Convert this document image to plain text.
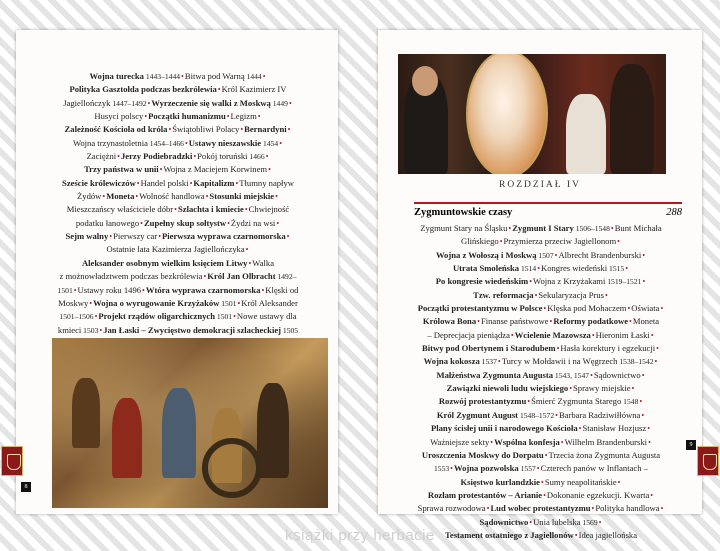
Wojna turecka 1443–1444•Bitwa pod Warną 1444•
Polityka Gasztołda podczas bezkrólewia•Król Kazimierz IV
Jagiellończyk 1447–1492•Wyrzeczenie się walki z Moskwą 1449•
Husyci polscy•Początki humanizmu•Legizm•
Zależność Kościoła od króla•Świątobliwi Polacy•Bernardyni•
Wojna trzynastoletnia 1454–1466•Ustawy nieszawskie 1454•
Zaciężni•Jerzy Podiebradzki•Pokój toruński 1466•
Trzy państwa w unii•Wojna z Maciejem Korwinem•
Szeście królewiczów•Handel polski•Kapitalizm•Tłumny napływ
Żydów•Moneta•Wolność handlowa•Stosunki miejskie•
Mieszczańscy właściciele dóbr•Szlachta i kmiecie•Chwiejność
podatku łanowego•Zupełny skup sołtystw•Żydzi na wsi•
Sejm walny•Pierwszy car•Pierwsza wyprawa czarnomorska•
Ostatnie lata Kazimierza Jagiellończyka•
Aleksander osobnym wielkim księciem Litwy•Walka
z możnowładztwem podczas bezkrólewia•Król Jan Olbracht 1492–
1501•Ustawy roku 1496•Wtóra wyprawa czarnomorska•Klęski od
Moskwy•Wojna o wyrugowanie Krzyżaków 1501•Król Aleksander
1501–1506•Projekt rządów oligarchicznych 1501•Nowe ustawy dla
kmieci 1503•Jan Łaski – Zwycięstwo demokracji szlacheckiej 1505
8
ROZDZIAŁ IV
Zygmuntowskie czasy	288
Zygmunt Stary na Śląsku•Zygmunt I Stary 1506–1548•Bunt Michała
Glińskiego•Przymierza przeciw Jagiellonom•
Wojna z Wołoszą i Moskwą 1507•Albrecht Brandenburski•
Utrata Smoleńska 1514•Kongres wiedeński 1515•
Po kongresie wiedeńskim•Wojna z Krzyżakami 1519–1521•
Tzw. reformacja•Sekularyzacja Prus•
Początki protestantyzmu w Polsce•Klęska pod Mohaczem•Oświata•
Królowa Bona•Finanse państwowe•Reformy podatkowe•Moneta
– Deprecjacja pieniądza•Wcielenie Mazowsza•Hieronim Łaski•
Bitwy pod Obertynem i Starodubem•Hasła korektury i egzekucji•
Wojna kokosza 1537•Turcy w Mołdawii i na Węgrzech 1538–1542•
Małżeństwa Zygmunta Augusta 1543, 1547•Sądownictwo•
Zawiązki niewoli ludu wiejskiego•Sprawy miejskie•
Rozwój protestantyzmu•Śmierć Zygmunta Starego 1548•
Król Zygmunt August 1548–1572•Barbara Radziwiłłówna•
Plany ścisłej unii i narodowego Kościoła•Stanisław Hozjusz•
Ważniejsze sekty•Wspólna konfesja•Wilhelm Brandenburski•
Uroszczenia Moskwy do Dorpatu•Trzecia żona Zygmunta Augusta
1553•Wojna pozwolska 1557•Czterech panów w Inflantach –
Księstwo kurlandzkie•Sumy neapolitańskie•
Rozłam protestantów – Arianie•Dokonanie egzekucji. Kwarta•
Sprawa rozwodowa•Lud wobec protestantyzmu•Polityka handlowa•
Sądownictwo•Unia lubelska 1569•
Testament ostatniego z Jagiellonów•Idea jagiellońska
9
książki przy herbacie
